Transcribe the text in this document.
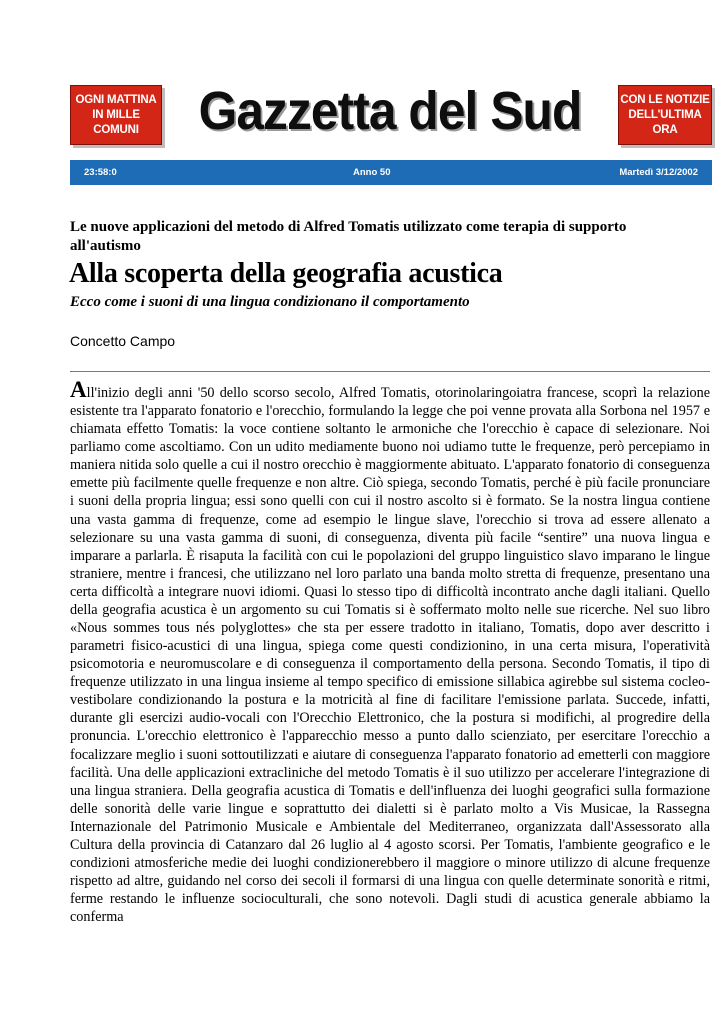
OGNI MATTINA
IN MILLE COMUNI	Gazzetta del Sud	CON LE NOTIZIE
DELL'ULTIMA ORA
23:58:0	Anno 50	Martedì 3/12/2002
Le nuove applicazioni del metodo di Alfred Tomatis utilizzato come terapia di supporto all'autismo
Alla scoperta della geografia acustica
Ecco come i suoni di una lingua condizionano il comportamento
Concetto Campo
All'inizio degli anni '50 dello scorso secolo, Alfred Tomatis, otorinolaringoiatra francese, scoprì la relazione esistente tra l'apparato fonatorio e l'orecchio, formulando la legge che poi venne provata alla Sorbona nel 1957 e chiamata effetto Tomatis: la voce contiene soltanto le armoniche che l'orecchio è capace di selezionare. Noi parliamo come ascoltiamo. Con un udito mediamente buono noi udiamo tutte le frequenze, però percepiamo in maniera nitida solo quelle a cui il nostro orecchio è maggiormente abituato. L'apparato fonatorio di conseguenza emette più facilmente quelle frequenze e non altre. Ciò spiega, secondo Tomatis, perché è più facile pronunciare i suoni della propria lingua; essi sono quelli con cui il nostro ascolto si è formato. Se la nostra lingua contiene una vasta gamma di frequenze, come ad esempio le lingue slave, l'orecchio si trova ad essere allenato a selezionare su una vasta gamma di suoni, di conseguenza, diventa più facile “sentire” una nuova lingua e imparare a parlarla. È risaputa la facilità con cui le popolazioni del gruppo linguistico slavo imparano le lingue straniere, mentre i francesi, che utilizzano nel loro parlato una banda molto stretta di frequenze, presentano una certa difficoltà a integrare nuovi idiomi. Quasi lo stesso tipo di difficoltà incontrato anche dagli italiani. Quello della geografia acustica è un argomento su cui Tomatis si è soffermato molto nelle sue ricerche. Nel suo libro «Nous sommes tous nés polyglottes» che sta per essere tradotto in italiano, Tomatis, dopo aver descritto i parametri fisico-acustici di una lingua, spiega come questi condizionino, in una certa misura, l'operatività psicomotoria e neuromuscolare e di conseguenza il comportamento della persona. Secondo Tomatis, il tipo di frequenze utilizzato in una lingua insieme al tempo specifico di emissione sillabica agirebbe sul sistema cocleo-vestibolare condizionando la postura e la motricità al fine di facilitare l'emissione parlata. Succede, infatti, durante gli esercizi audio-vocali con l'Orecchio Elettronico, che la postura si modifichi, al progredire della pronuncia. L'orecchio elettronico è l'apparecchio messo a punto dallo scienziato, per esercitare l'orecchio a focalizzare meglio i suoni sottoutilizzati e aiutare di conseguenza l'apparato fonatorio ad emetterli con maggiore facilità. Una delle applicazioni extracliniche del metodo Tomatis è il suo utilizzo per accelerare l'integrazione di una lingua straniera. Della geografia acustica di Tomatis e dell'influenza dei luoghi geografici sulla formazione delle sonorità delle varie lingue e soprattutto dei dialetti si è parlato molto a Vis Musicae, la Rassegna Internazionale del Patrimonio Musicale e Ambientale del Mediterraneo, organizzata dall'Assessorato alla Cultura della provincia di Catanzaro dal 26 luglio al 4 agosto scorsi. Per Tomatis, l'ambiente geografico e le condizioni atmosferiche medie dei luoghi condizionerebbero il maggiore o minore utilizzo di alcune frequenze rispetto ad altre, guidando nel corso dei secoli il formarsi di una lingua con quelle determinate sonorità e ritmi, ferme restando le influenze socioculturali, che sono notevoli. Dagli studi di acustica generale abbiamo la conferma
